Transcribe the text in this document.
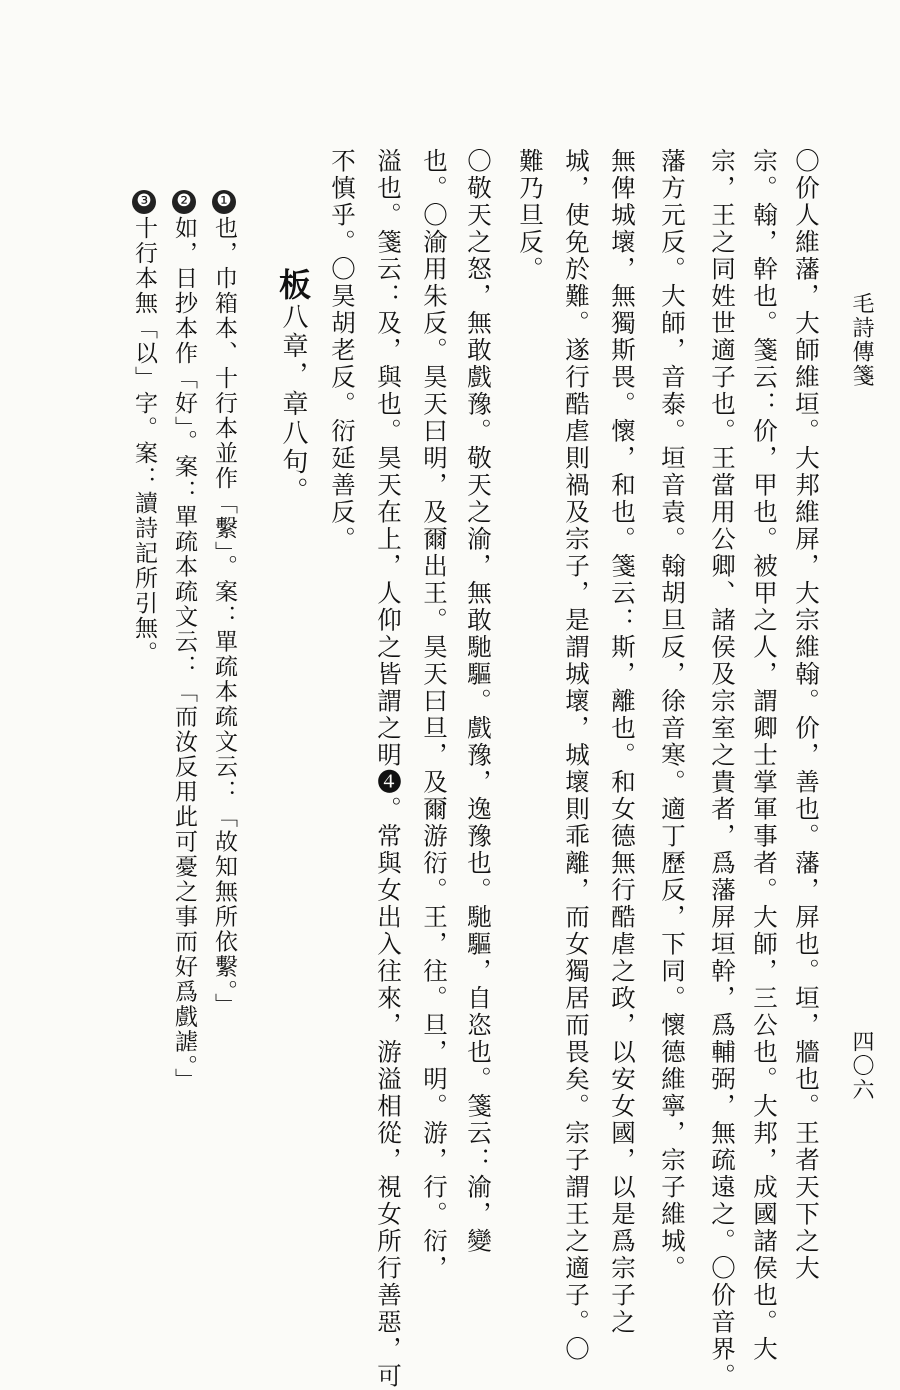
毛詩傳箋
四〇六
〇价人維藩，大師維垣。大邦維屏，大宗維翰。价，善也。藩，屏也。垣，牆也。王者天下之大
宗。翰，幹也。箋云：价，甲也。被甲之人，謂卿士掌軍事者。大師，三公也。大邦，成國諸侯也。大
宗，王之同姓世適子也。王當用公卿、諸侯及宗室之貴者，爲藩屏垣幹，爲輔弼，無疏遠之。〇价音界。
藩方元反。大師，音泰。垣音袁。翰胡旦反，徐音寒。適丁歷反，下同。懷德維寧，宗子維城。
無俾城壞，無獨斯畏。懷，和也。箋云：斯，離也。和女德無行酷虐之政，以安女國，以是爲宗子之
城，使免於難。遂行酷虐則禍及宗子，是謂城壞，城壞則乖離，而女獨居而畏矣。宗子謂王之適子。〇
難乃旦反。
〇敬天之怒，無敢戲豫。敬天之渝，無敢馳驅。戲豫，逸豫也。馳驅，自恣也。箋云：渝，變
也。〇渝用朱反。昊天曰明，及爾出王。昊天曰旦，及爾游衍。王，往。旦，明。游，行。衍，
溢也。箋云：及，與也。昊天在上，人仰之皆謂之明❹。常與女出入往來，游溢相從，視女所行善惡，可
不慎乎。〇昊胡老反。衍延善反。
板八章，章八句。
❶也，巾箱本、十行本並作「繫」。案：單疏本疏文云：「故知無所依繫。」
❷如，日抄本作「好」。案：單疏本疏文云：「而汝反用此可憂之事而好爲戲謔。」
❸十行本無「以」字。案：讀詩記所引無。
